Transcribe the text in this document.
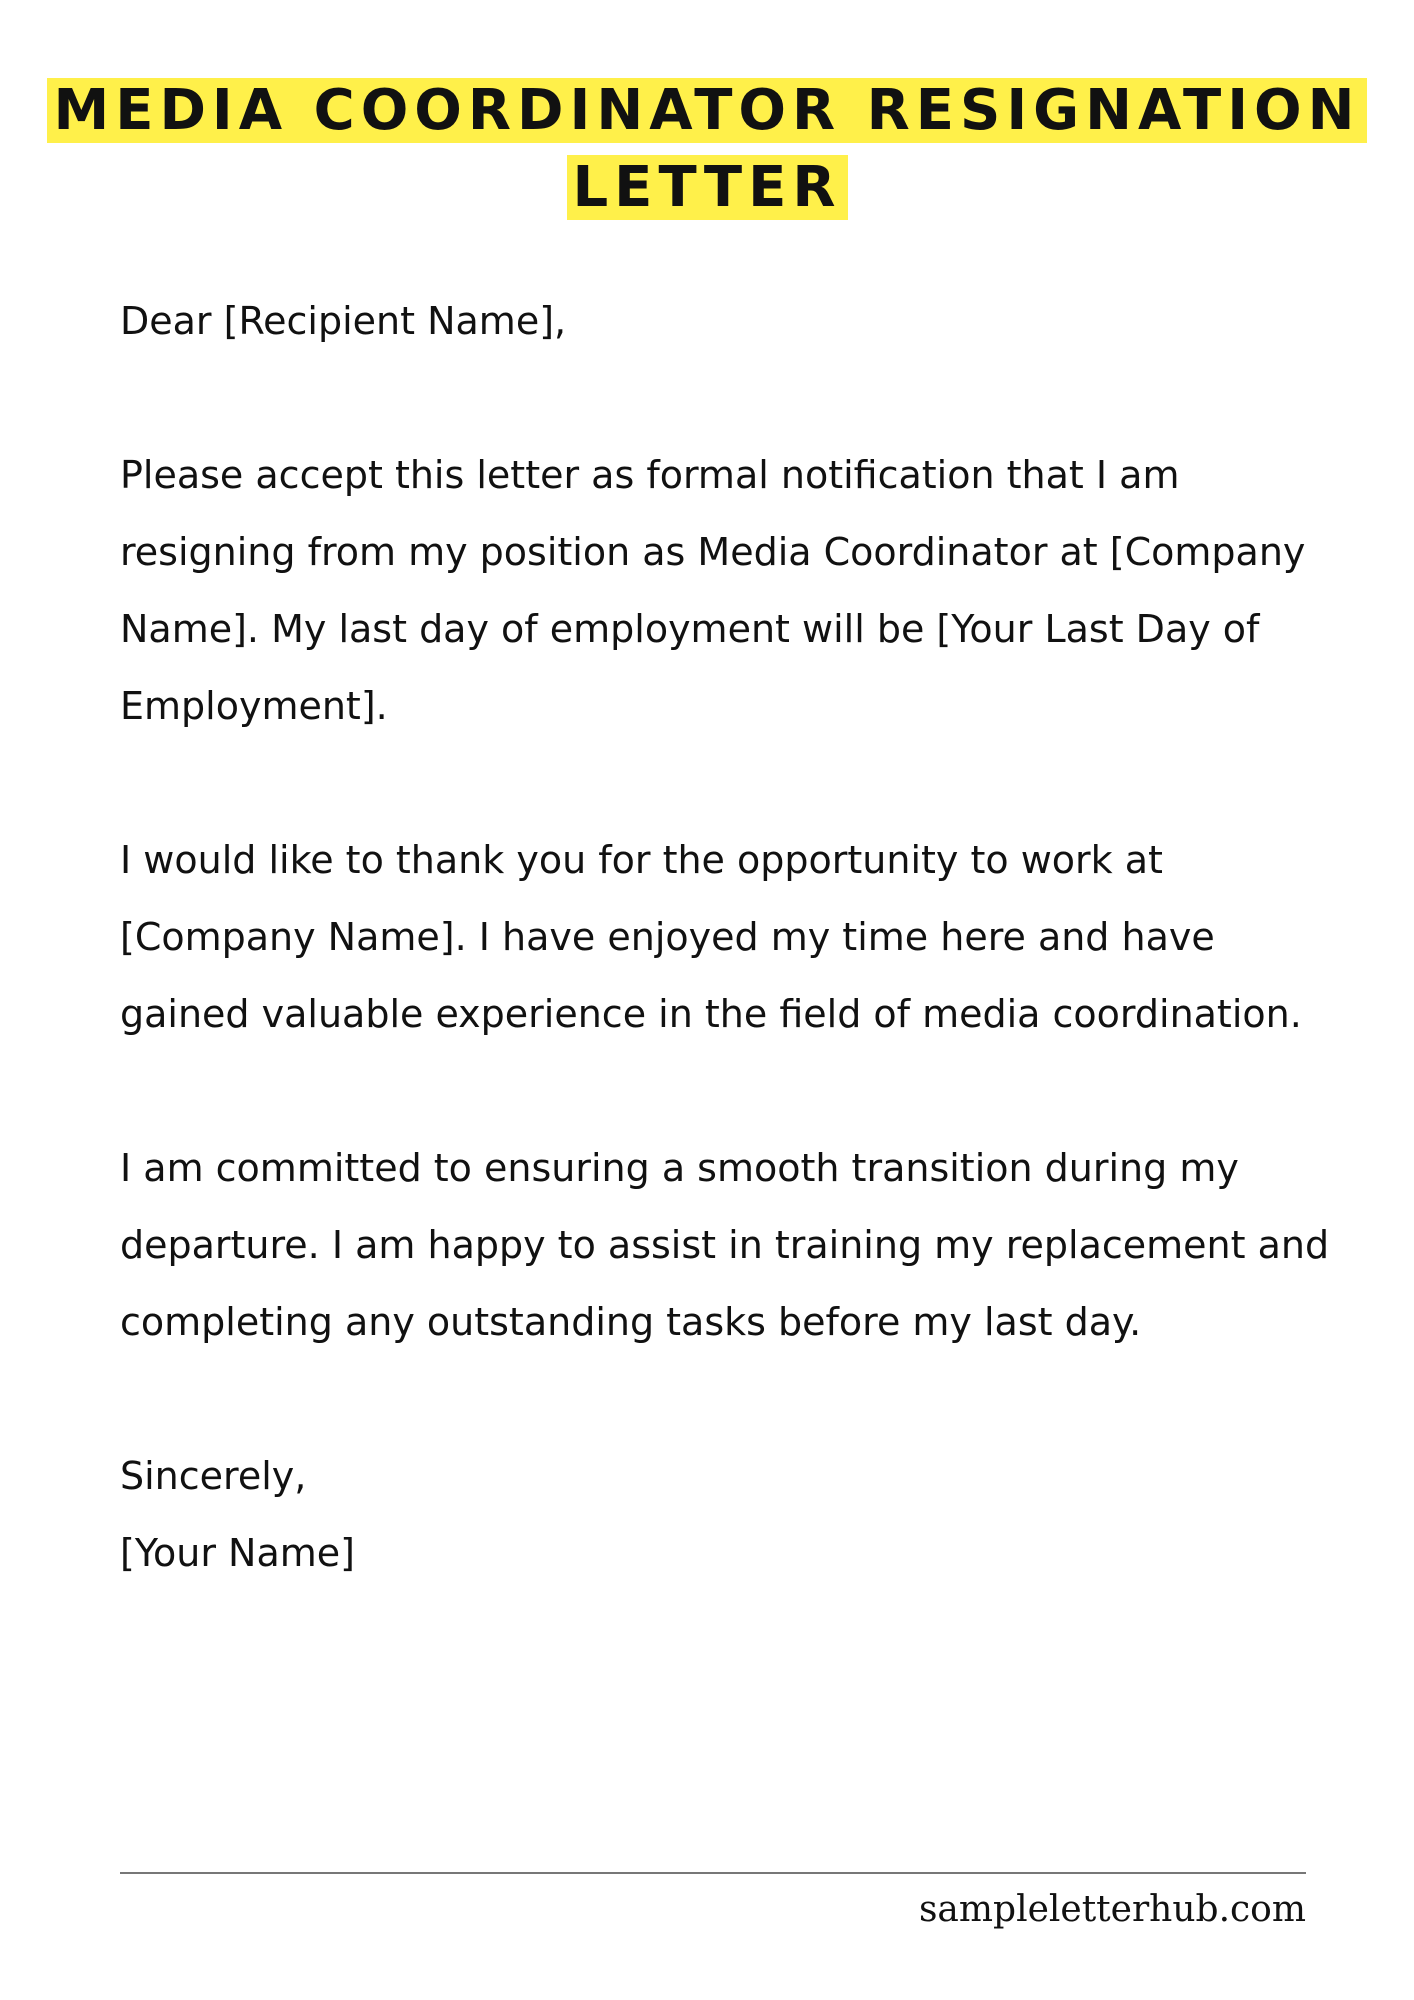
MEDIA COORDINATOR RESIGNATION
LETTER

Dear [Recipient Name],

Please accept this letter as formal notification that I am resigning from my position as Media Coordinator at [Company Name]. My last day of employment will be [Your Last Day of Employment].

I would like to thank you for the opportunity to work at [Company Name]. I have enjoyed my time here and have gained valuable experience in the field of media coordination.

I am committed to ensuring a smooth transition during my departure. I am happy to assist in training my replacement and completing any outstanding tasks before my last day.

Sincerely,

[Your Name]

sampleletterhub.com
